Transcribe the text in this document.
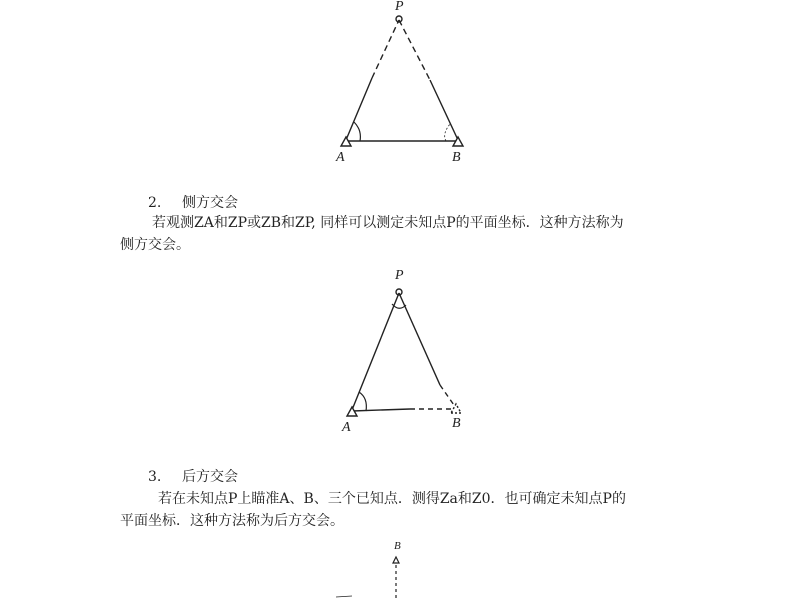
P
A	B
2. 侧方交会
若观测ZA和ZP或ZB和ZP, 同样可以测定未知点P的平面坐标．这种方法称为
侧方交会。
P
A	B
3. 后方交会
若在未知点P上瞄准A、B、三个已知点．测得Za和Z0．也可确定未知点P的
平面坐标．这种方法称为后方交会。
B
